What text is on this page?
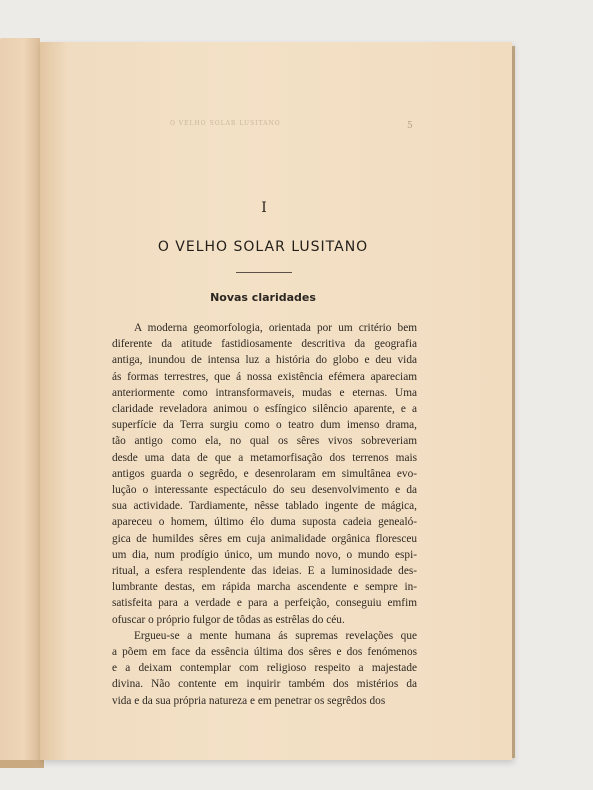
O VELHO SOLAR LUSITANO	5
I
O VELHO SOLAR LUSITANO
Novas claridades

A moderna geomorfologia, orientada por um critério bem

diferente da atitude fastidiosamente descritiva da geografia

antiga, inundou de intensa luz a história do globo e deu vida

ás formas terrestres, que á nossa existência efémera apareciam

anteriormente como intransformaveis, mudas e eternas. Uma

claridade reveladora animou o esfíngico silêncio aparente, e a

superfície da Terra surgiu como o teatro dum imenso drama,

tão antigo como ela, no qual os sêres vivos sobreveriam

desde uma data de que a metamorfisação dos terrenos mais

antigos guarda o segrêdo, e desenrolaram em simultânea evo-

lução o interessante espectáculo do seu desenvolvimento e da

sua actividade. Tardiamente, nêsse tablado ingente de mágica,

apareceu o homem, último élo duma suposta cadeia genealó-

gica de humildes sêres em cuja animalidade orgânica floresceu

um dia, num prodígio único, um mundo novo, o mundo espi-

ritual, a esfera resplendente das ideias. E a luminosidade des-

lumbrante destas, em rápida marcha ascendente e sempre in-

satisfeita para a verdade e para a perfeição, conseguiu emfim

ofuscar o próprio fulgor de tôdas as estrêlas do céu.

Ergueu-se a mente humana ás supremas revelações que

a põem em face da essência última dos sêres e dos fenómenos

e a deixam contemplar com religioso respeito a majestade

divina. Não contente em inquirir também dos mistérios da

vida e da sua própria natureza e em penetrar os segrêdos dos
